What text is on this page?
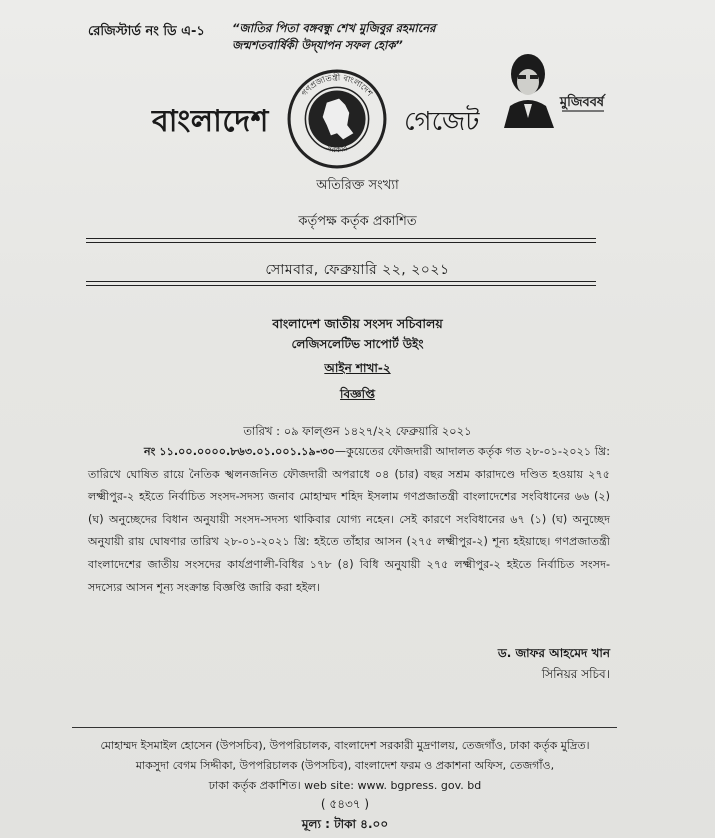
রেজিস্টার্ড নং ডি এ-১ “জাতির পিতা বঙ্গবন্ধু শেখ মুজিবুর রহমানের
জন্মশতবার্ষিকী উদ্‌যাপন সফল হোক”
বাংলাদেশ
গণপ্রজাতন্ত্রী বাংলাদেশ
সরকার
গেজেট
মুজিববর্ষ
অতিরিক্ত সংখ্যা
কর্তৃপক্ষ কর্তৃক প্রকাশিত
সোমবার, ফেব্রুয়ারি ২২, ২০২১
বাংলাদেশ জাতীয় সংসদ সচিবালয়
লেজিসলেটিভ সাপোর্ট উইং
আইন শাখা-২
বিজ্ঞপ্তি
তারিখ : ০৯ ফাল্গুন ১৪২৭/২২ ফেব্রুয়ারি ২০২১
নং ১১.০০.০০০০.৮৬৩.০১.০০১.১৯-৩০—কুয়েতের ফৌজদারী আদালত কর্তৃক গত ২৮-০১-২০২১ খ্রি: তারিখে ঘোষিত রায়ে নৈতিক স্খলনজনিত ফৌজদারী অপরাধে ০৪ (চার) বছর সশ্রম কারাদণ্ডে দণ্ডিত হওয়ায় ২৭৫ লক্ষ্মীপুর-২ হইতে নির্বাচিত সংসদ-সদস্য জনাব মোহাম্মদ শহিদ ইসলাম গণপ্রজাতন্ত্রী বাংলাদেশের সংবিধানের ৬৬ (২) (ঘ) অনুচ্ছেদের বিধান অনুযায়ী সংসদ-সদস্য থাকিবার যোগ্য নহেন। সেই কারণে সংবিধানের ৬৭ (১) (ঘ) অনুচ্ছেদ অনুযায়ী রায় ঘোষণার তারিখ ২৮-০১-২০২১ খ্রি: হইতে তাঁহার আসন (২৭৫ লক্ষ্মীপুর-২) শূন্য হইয়াছে। গণপ্রজাতন্ত্রী বাংলাদেশের জাতীয় সংসদের কার্যপ্রণালী-বিধির ১৭৮ (৪) বিধি অনুযায়ী ২৭৫ লক্ষ্মীপুর-২ হইতে নির্বাচিত সংসদ-সদস্যের আসন শূন্য সংক্রান্ত বিজ্ঞপ্তি জারি করা হইল।
ড. জাফর আহমেদ খান
সিনিয়র সচিব।
মোহাম্মদ ইসমাইল হোসেন (উপসচিব), উপপরিচালক, বাংলাদেশ সরকারী মুদ্রণালয়, তেজগাঁও, ঢাকা কর্তৃক মুদ্রিত।
মাকসুদা বেগম সিদ্দীকা, উপপরিচালক (উপসচিব), বাংলাদেশ ফরম ও প্রকাশনা অফিস, তেজগাঁও,
ঢাকা কর্তৃক প্রকাশিত। web site: www. bgpress. gov. bd
( ৫৪৩৭ )
মূল্য : টাকা ৪.০০
